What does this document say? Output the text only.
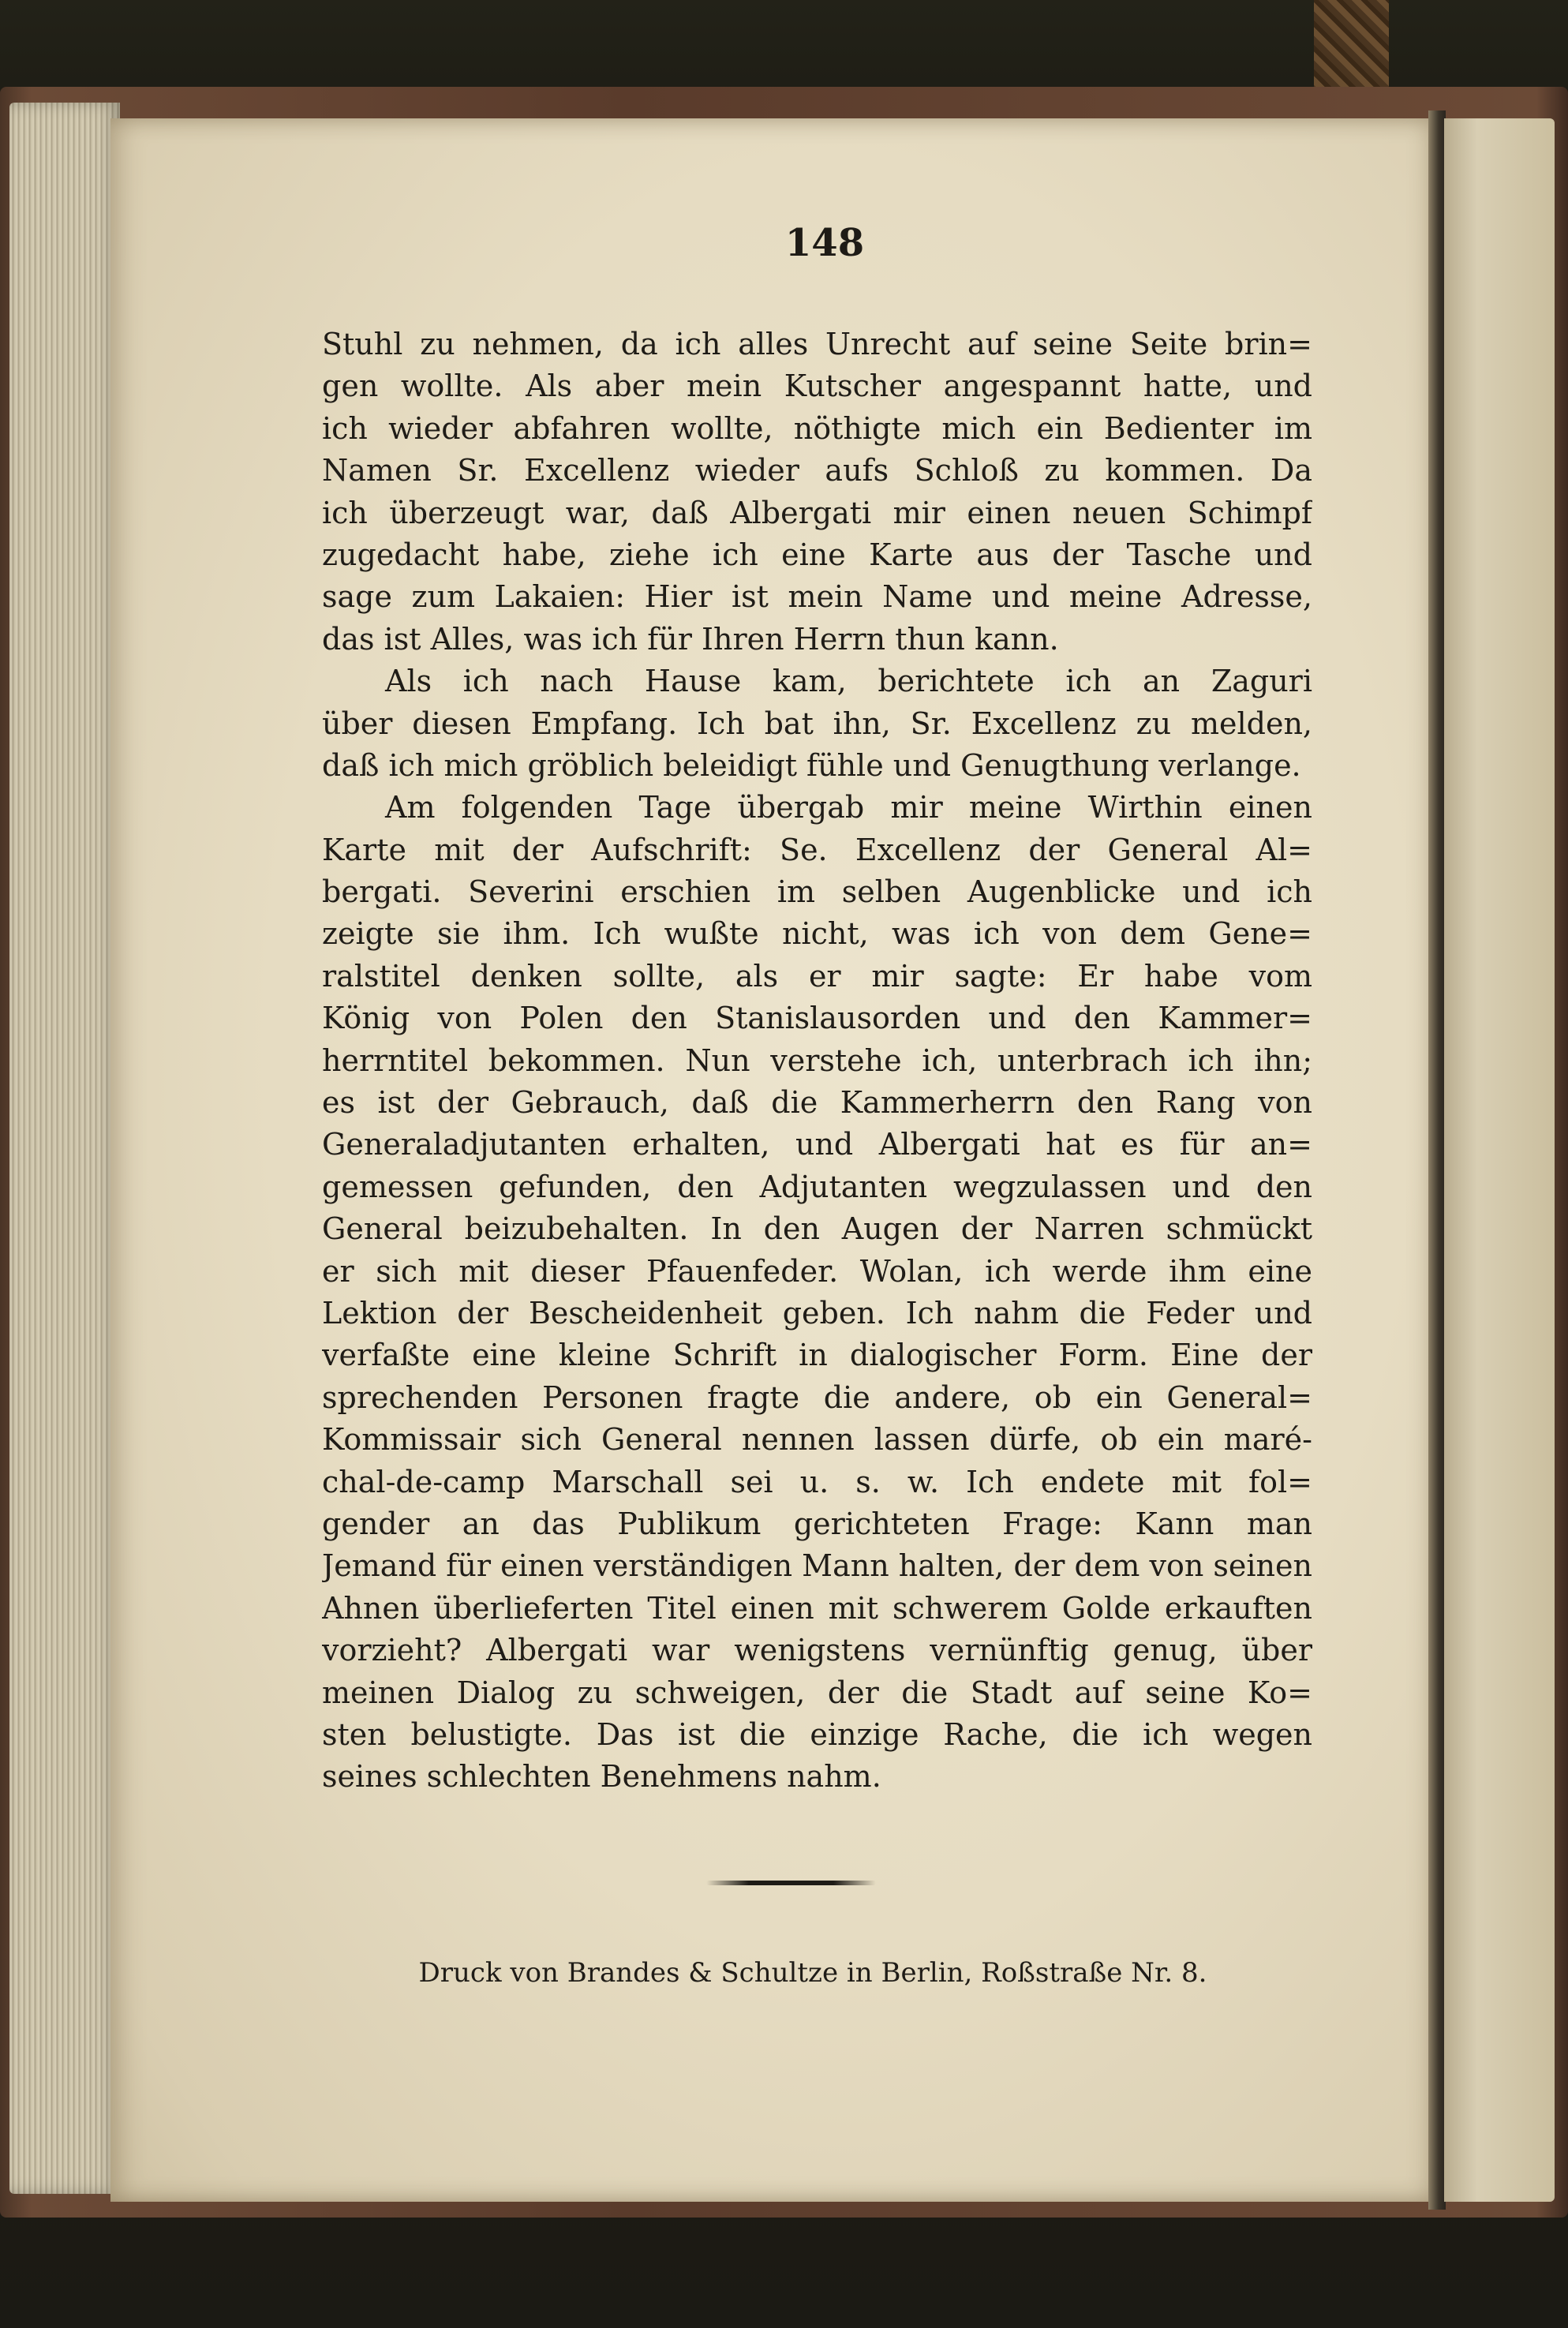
148
Stuhl zu nehmen, da ich alles Unrecht auf seine Seite brin=
gen wollte. Als aber mein Kutscher angespannt hatte, und
ich wieder abfahren wollte, nöthigte mich ein Bedienter im
Namen Sr. Excellenz wieder aufs Schloß zu kommen. Da
ich überzeugt war, daß Albergati mir einen neuen Schimpf
zugedacht habe, ziehe ich eine Karte aus der Tasche und
sage zum Lakaien: Hier ist mein Name und meine Adresse,
das ist Alles, was ich für Ihren Herrn thun kann.
Als ich nach Hause kam, berichtete ich an Zaguri
über diesen Empfang. Ich bat ihn, Sr. Excellenz zu melden,
daß ich mich gröblich beleidigt fühle und Genugthung verlange.
Am folgenden Tage übergab mir meine Wirthin einen
Karte mit der Aufschrift: Se. Excellenz der General Al=
bergati. Severini erschien im selben Augenblicke und ich
zeigte sie ihm. Ich wußte nicht, was ich von dem Gene=
ralstitel denken sollte, als er mir sagte: Er habe vom
König von Polen den Stanislausorden und den Kammer=
herrntitel bekommen. Nun verstehe ich, unterbrach ich ihn;
es ist der Gebrauch, daß die Kammerherrn den Rang von
Generaladjutanten erhalten, und Albergati hat es für an=
gemessen gefunden, den Adjutanten wegzulassen und den
General beizubehalten. In den Augen der Narren schmückt
er sich mit dieser Pfauenfeder. Wolan, ich werde ihm eine
Lektion der Bescheidenheit geben. Ich nahm die Feder und
verfaßte eine kleine Schrift in dialogischer Form. Eine der
sprechenden Personen fragte die andere, ob ein General=
Kommissair sich General nennen lassen dürfe, ob ein maré-
chal-de-camp Marschall sei u. s. w. Ich endete mit fol=
gender an das Publikum gerichteten Frage: Kann man
Jemand für einen verständigen Mann halten, der dem von seinen
Ahnen überlieferten Titel einen mit schwerem Golde erkauften
vorzieht? Albergati war wenigstens vernünftig genug, über
meinen Dialog zu schweigen, der die Stadt auf seine Ko=
sten belustigte. Das ist die einzige Rache, die ich wegen
seines schlechten Benehmens nahm.
Druck von Brandes & Schultze in Berlin, Roßstraße Nr. 8.
